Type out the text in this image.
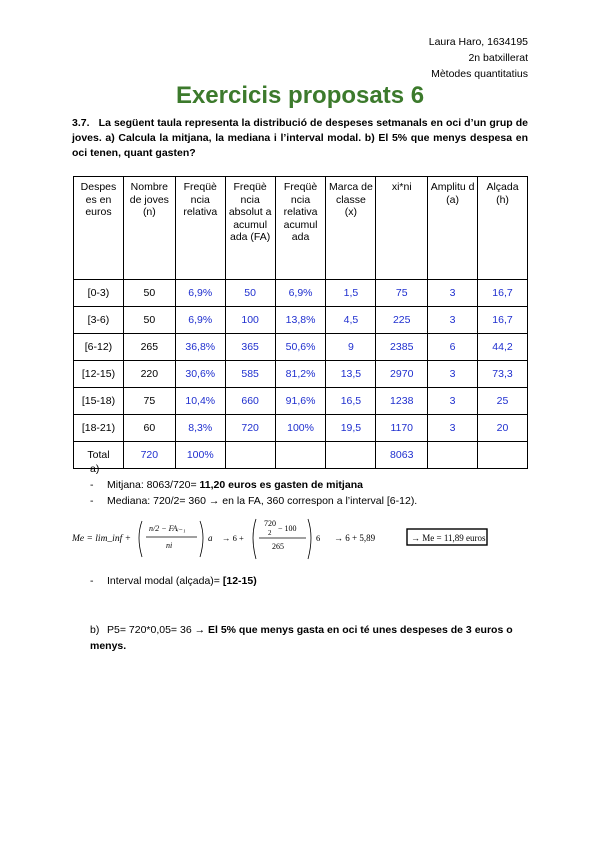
Laura Haro, 1634195
2n batxillerat
Mètodes quantitatius
Exercicis proposats 6
3.7. La següent taula representa la distribució de despeses setmanals en oci d’un grup de joves. a) Calcula la mitjana, la mediana i l’interval modal. b) El 5% que menys despesa en oci tenen, quant gasten?
Despes es en euros	Nombre de joves (n)	Freqüè ncia relativa	Freqüè ncia absolut a acumul ada (FA)	Freqüè ncia relativa acumul ada	Marca de classe (x)	xi*ni	Amplitu d (a)	Alçada (h)
[0-3)	50	6,9%	50	6,9%	1,5	75	3	16,7
[3-6)	50	6,9%	100	13,8%	4,5	225	3	16,7
[6-12)	265	36,8%	365	50,6%	9	2385	6	44,2
[12-15)	220	30,6%	585	81,2%	13,5	2970	3	73,3
[15-18)	75	10,4%	660	91,6%	16,5	1238	3	25
[18-21)	60	8,3%	720	100%	19,5	1170	3	20
Total	720	100%				8063		
a)
- Mitjana: 8063/720= 11,20 euros es gasten de mitjana
- Mediana: 720/2= 360 → en la FA, 360 correspon a l’interval [6-12).
Me = lim_inf +
n/2 − FAᵢ₋₁
ni
a → 6 +
720
2 − 100
265
6 → 6 + 5,89	→ Me = 11,89 euros
- Interval modal (alçada)= [12-15)
b) P5= 720*0,05= 36 → El 5% que menys gasta en oci té unes despeses de 3 euros o menys.
